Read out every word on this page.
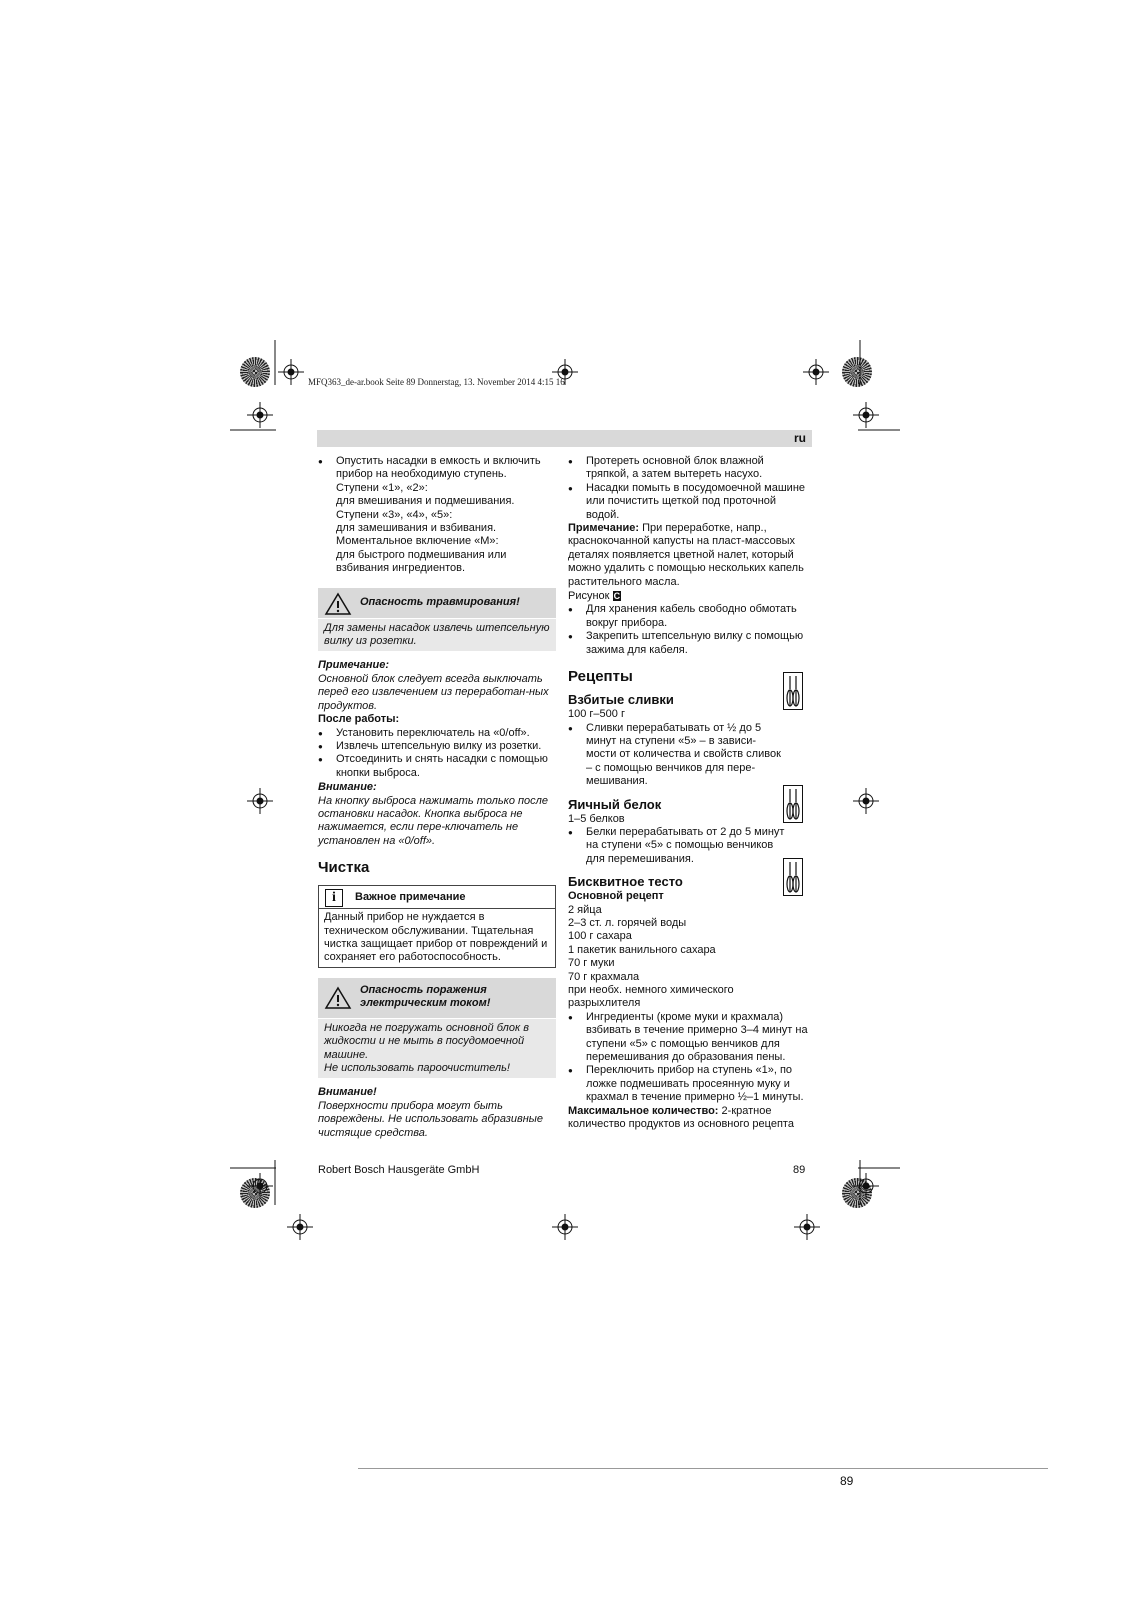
MFQ363_de-ar.book Seite 89 Donnerstag, 13. November 2014 4:15 16
ru

● Опустить насадки в емкость и включить прибор на необходимую ступень.

Ступени «1», «2»:

для вмешивания и подмешивания.

Ступени «3», «4», «5»:

для замешивания и взбивания.

Моментальное включение «M»:

для быстрого подмешивания или взбивания ингредиентов.

Опасность травмирования!
Для замены насадок извлечь штепсельную вилку из розетки.

Примечание:

Основной блок следует всегда выключать перед его извлечением из переработан-ных продуктов.

После работы:

● Установить переключатель на «0/off».

● Извлечь штепсельную вилку из розетки.

● Отсоединить и снять насадки с помощью кнопки выброса.

Внимание:

На кнопку выброса нажимать только после остановки насадок. Кнопка выброса не нажимается, если пере-ключатель не установлен на «0/off».

Чистка

i	Важное примечание
Данный прибор не нуждается в техническом обслуживании. Тщательная чистка защищает прибор от повреждений и сохраняет его работоспособность.
Опасность поражения электрическим током!

Никогда не погружать основной блок в жидкости и не мыть в посудомоечной машине.

Не использовать пароочиститель!

Внимание!

Поверхности прибора могут быть повреждены. Не использовать абразивные чистящие средства.

● Протереть основной блок влажной тряпкой, а затем вытереть насухо.

● Насадки помыть в посудомоечной машине или почистить щеткой под проточной водой.

Примечание: При переработке, напр., краснокочанной капусты на пласт-массовых деталях появляется цветной налет, который можно удалить с помощью нескольких капель растительного масла.

Рисунок C

● Для хранения кабель свободно обмотать вокруг прибора.

● Закрепить штепсельную вилку с помощью зажима для кабеля.

Рецепты

Взбитые сливки

100 г–500 г

● Сливки перерабатывать от ½ до 5 минут на ступени «5» – в зависи-мости от количества и свойств сливок – с помощью венчиков для пере-мешивания.

Яичный белок

1–5 белков

● Белки перерабатывать от 2 до 5 минут на ступени «5» с помощью венчиков для перемешивания.

Бисквитное тесто

Основной рецепт

2 яйца

2–3 ст. л. горячей воды

100 г сахара

1 пакетик ванильного сахара

70 г муки

70 г крахмала

при необх. немного химического разрыхлителя

● Ингредиенты (кроме муки и крахмала) взбивать в течение примерно 3–4 минут на ступени «5» с помощью венчиков для перемешивания до образования пены.

● Переключить прибор на ступень «1», по ложке подмешивать просеянную муку и крахмал в течение примерно ½–1 минуты.

Максимальное количество: 2-кратное количество продуктов из основного рецепта

Robert Bosch Hausgeräte GmbH	89
89
